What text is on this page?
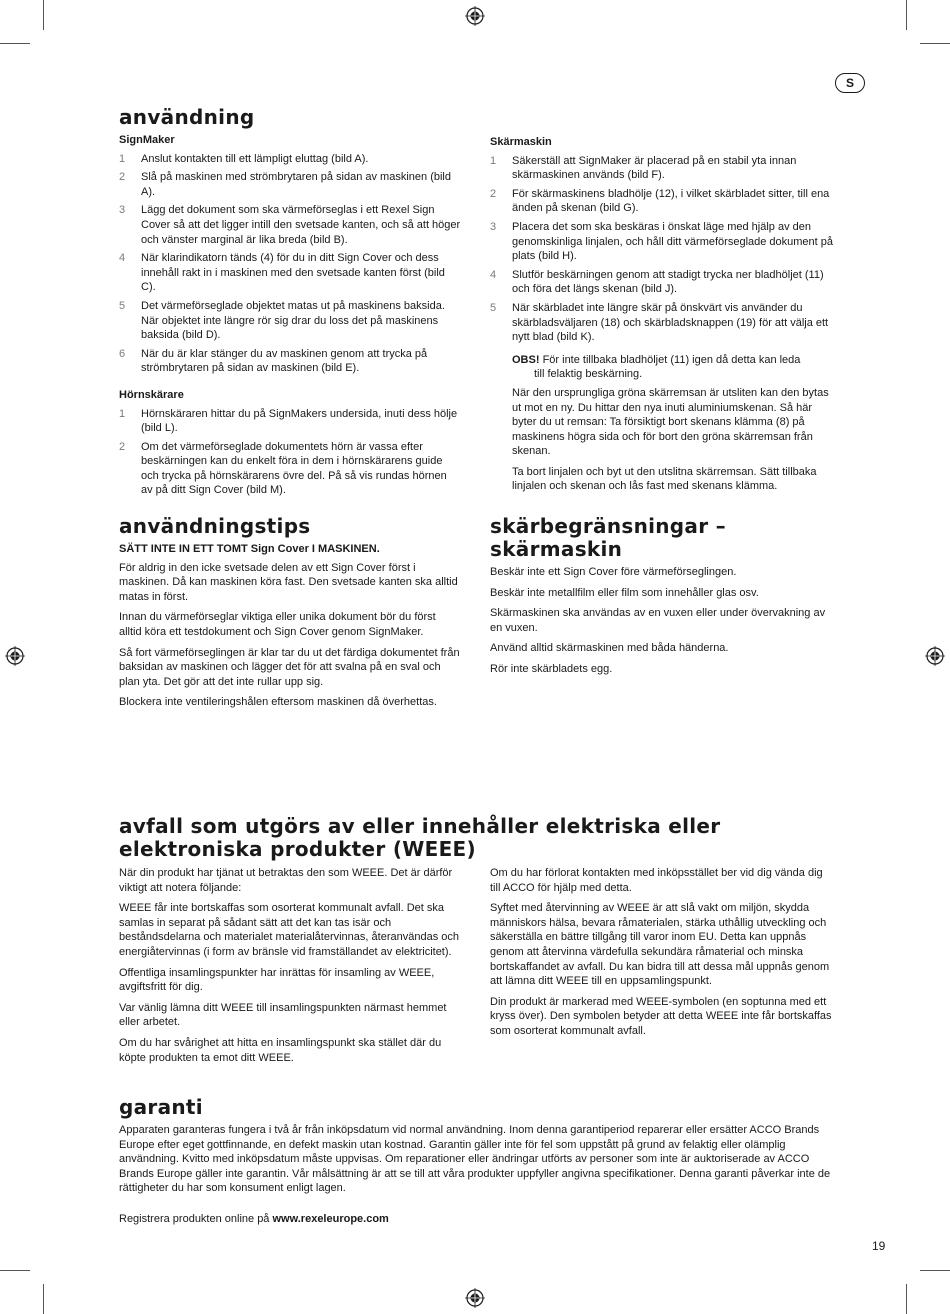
S
användning
SignMaker
1 Anslut kontakten till ett lämpligt eluttag (bild A).
2 Slå på maskinen med strömbrytaren på sidan av maskinen (bild A).
3 Lägg det dokument som ska värmeförseglas i ett Rexel Sign Cover så att det ligger intill den svetsade kanten, och så att höger och vänster marginal är lika breda (bild B).
4 När klarindikatorn tänds (4) för du in ditt Sign Cover och dess innehåll rakt in i maskinen med den svetsade kanten först (bild C).
5 Det värmeförseglade objektet matas ut på maskinens baksida. När objektet inte längre rör sig drar du loss det på maskinens baksida (bild D).
6 När du är klar stänger du av maskinen genom att trycka på strömbrytaren på sidan av maskinen (bild E).
Hörnskärare
1 Hörnskäraren hittar du på SignMakers undersida, inuti dess hölje (bild L).
2 Om det värmeförseglade dokumentets hörn är vassa efter beskärningen kan du enkelt föra in dem i hörnskärarens guide och trycka på hörnskärarens övre del. På så vis rundas hörnen av på ditt Sign Cover (bild M).
Skärmaskin
1 Säkerställ att SignMaker är placerad på en stabil yta innan skärmaskinen används (bild F).
2 För skärmaskinens bladhölje (12), i vilket skärbladet sitter, till ena änden på skenan (bild G).
3 Placera det som ska beskäras i önskat läge med hjälp av den genomskinliga linjalen, och håll ditt värmeförseglade dokument på plats (bild H).
4 Slutför beskärningen genom att stadigt trycka ner bladhöljet (11) och föra det längs skenan (bild J).
5 När skärbladet inte längre skär på önskvärt vis använder du skärbladsväljaren (18) och skärbladsknappen (19) för att välja ett nytt blad (bild K).
OBS! För inte tillbaka bladhöljet (11) igen då detta kan leda
till felaktig beskärning.

När den ursprungliga gröna skärremsan är utsliten kan den bytas ut mot en ny. Du hittar den nya inuti aluminiumskenan. Så här byter du ut remsan: Ta försiktigt bort skenans klämma (8) på maskinens högra sida och för bort den gröna skärremsan från skenan.

Ta bort linjalen och byt ut den utslitna skärremsan. Sätt tillbaka linjalen och skenan och lås fast med skenans klämma.

användningstips
SÄTT INTE IN ETT TOMT Sign Cover I MASKINEN.

För aldrig in den icke svetsade delen av ett Sign Cover först i maskinen. Då kan maskinen köra fast. Den svetsade kanten ska alltid matas in först.

Innan du värmeförseglar viktiga eller unika dokument bör du först alltid köra ett testdokument och Sign Cover genom SignMaker.

Så fort värmeförseglingen är klar tar du ut det färdiga dokumentet från baksidan av maskinen och lägger det för att svalna på en sval och plan yta. Det gör att det inte rullar upp sig.

Blockera inte ventileringshålen eftersom maskinen då överhettas.

skärbegränsningar –
skärmaskin

Beskär inte ett Sign Cover före värmeförseglingen.

Beskär inte metallfilm eller film som innehåller glas osv.

Skärmaskinen ska användas av en vuxen eller under övervakning av en vuxen.

Använd alltid skärmaskinen med båda händerna.

Rör inte skärbladets egg.

avfall som utgörs av eller innehåller elektriska eller
elektroniska produkter (WEEE)

När din produkt har tjänat ut betraktas den som WEEE. Det är därför viktigt att notera följande:

WEEE får inte bortskaffas som osorterat kommunalt avfall. Det ska samlas in separat på sådant sätt att det kan tas isär och beståndsdelarna och materialet materialåtervinnas, återanvändas och energiåtervinnas (i form av bränsle vid framställandet av elektricitet).

Offentliga insamlingspunkter har inrättas för insamling av WEEE, avgiftsfritt för dig.

Var vänlig lämna ditt WEEE till insamlingspunkten närmast hemmet eller arbetet.

Om du har svårighet att hitta en insamlingspunkt ska stället där du köpte produkten ta emot ditt WEEE.

Om du har förlorat kontakten med inköpsstället ber vid dig vända dig till ACCO för hjälp med detta.

Syftet med återvinning av WEEE är att slå vakt om miljön, skydda människors hälsa, bevara råmaterialen, stärka uthållig utveckling och säkerställa en bättre tillgång till varor inom EU. Detta kan uppnås genom att återvinna värdefulla sekundära råmaterial och minska bortskaffandet av avfall. Du kan bidra till att dessa mål uppnås genom att lämna ditt WEEE till en uppsamlingspunkt.

Din produkt är markerad med WEEE-symbolen (en soptunna med ett kryss över). Den symbolen betyder att detta WEEE inte får bortskaffas som osorterat kommunalt avfall.

garanti

Apparaten garanteras fungera i två år från inköpsdatum vid normal användning. Inom denna garantiperiod reparerar eller ersätter ACCO Brands Europe efter eget gottfinnande, en defekt maskin utan kostnad. Garantin gäller inte för fel som uppstått på grund av felaktig eller olämplig användning. Kvitto med inköpsdatum måste uppvisas. Om reparationer eller ändringar utförts av personer som inte är auktoriserade av ACCO Brands Europe gäller inte garantin. Vår målsättning är att se till att våra produkter uppfyller angivna specifikationer. Denna garanti påverkar inte de rättigheter du har som konsument enligt lagen.

Registrera produkten online på www.rexeleurope.com

19
